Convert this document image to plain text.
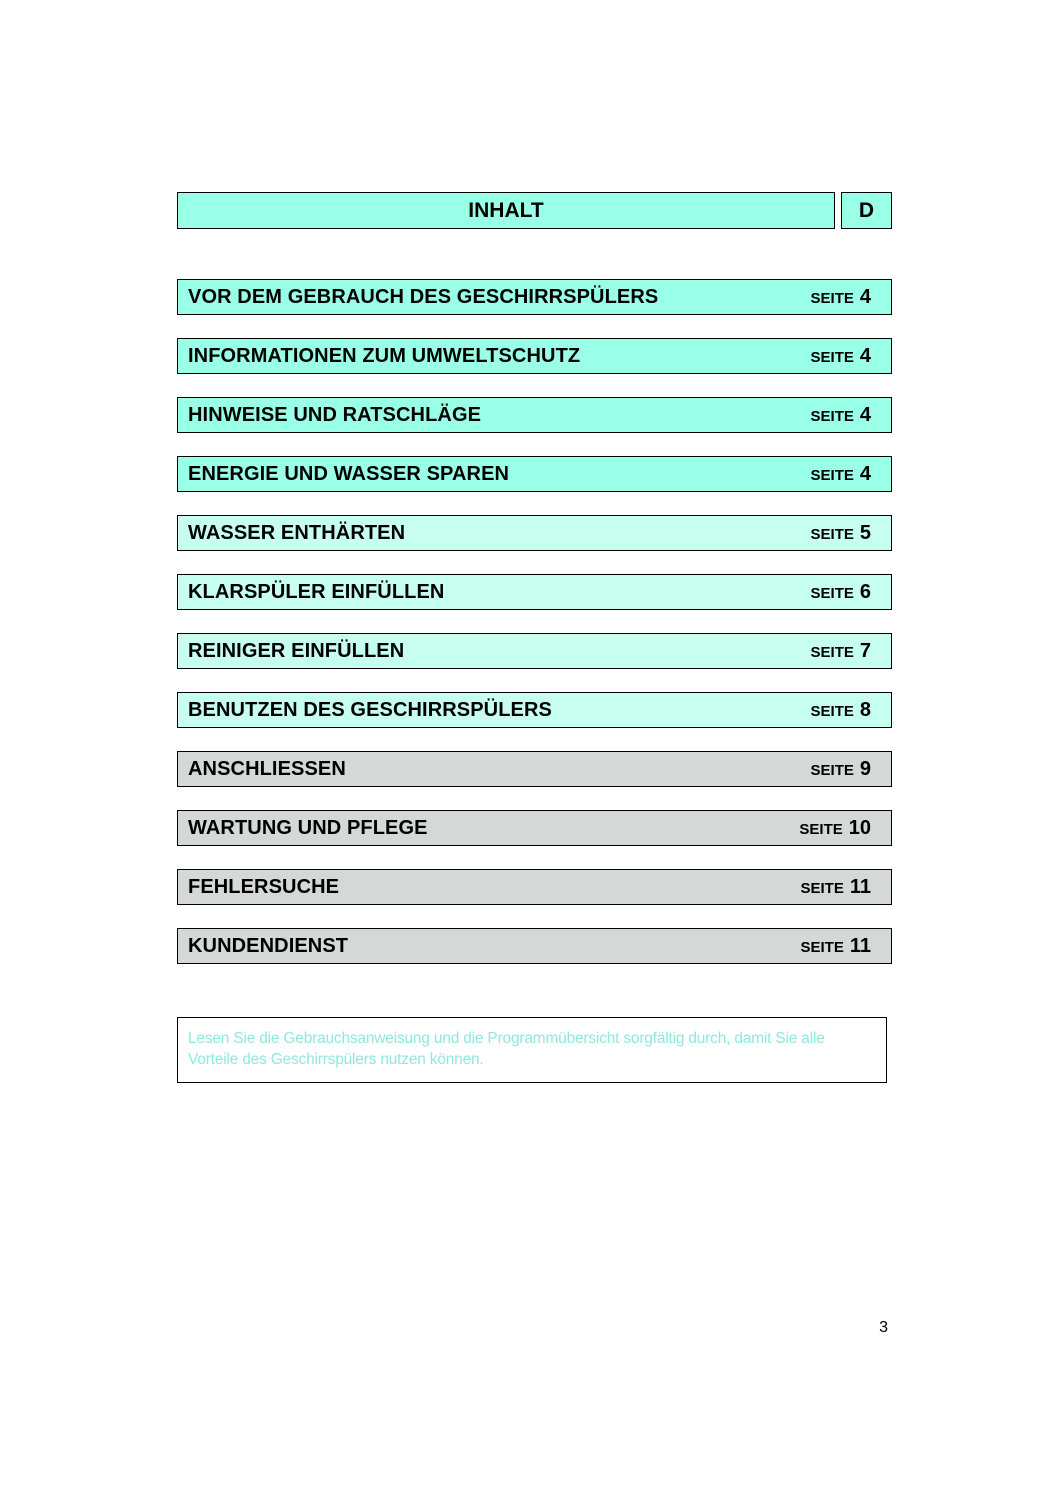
INHALT	D
VOR DEM GEBRAUCH DES GESCHIRRSPÜLERS	SEITE 4
INFORMATIONEN ZUM UMWELTSCHUTZ	SEITE 4
HINWEISE UND RATSCHLÄGE	SEITE 4
ENERGIE UND WASSER SPAREN	SEITE 4
WASSER ENTHÄRTEN	SEITE 5
KLARSPÜLER EINFÜLLEN	SEITE 6
REINIGER EINFÜLLEN	SEITE 7
BENUTZEN DES GESCHIRRSPÜLERS	SEITE 8
ANSCHLIESSEN	SEITE 9
WARTUNG UND PFLEGE	SEITE 10
FEHLERSUCHE	SEITE 11
KUNDENDIENST	SEITE 11
Lesen Sie die Gebrauchsanweisung und die Programmübersicht sorgfältig durch, damit Sie alle Vorteile des Geschirrspülers nutzen können.
3
